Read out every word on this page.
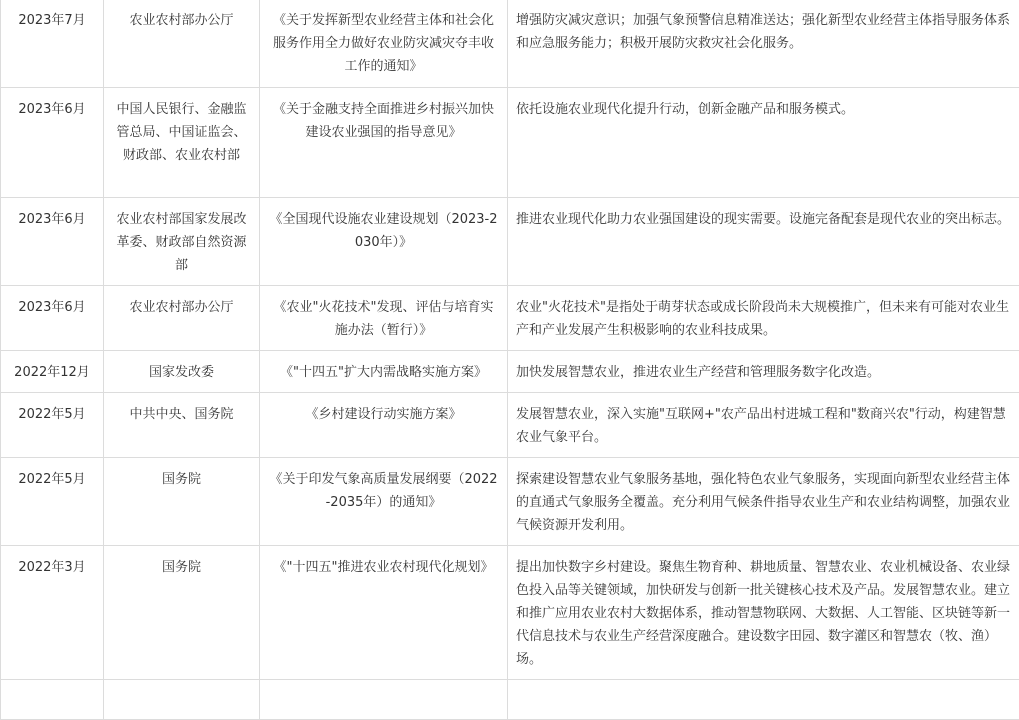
2023年7月	农业农村部办公厅	《关于发挥新型农业经营主体和社会化服务作用全力做好农业防灾减灾夺丰收工作的通知》	增强防灾减灾意识；加强气象预警信息精准送达；强化新型农业经营主体指导服务体系和应急服务能力；积极开展防灾救灾社会化服务。
2023年6月	中国人民银行、金融监管总局、中国证监会、财政部、农业农村部	《关于金融支持全面推进乡村振兴加快建设农业强国的指导意见》	依托设施农业现代化提升行动，创新金融产品和服务模式。
2023年6月	农业农村部国家发展改革委、财政部自然资源部	《全国现代设施农业建设规划（2023-2030年）》	推进农业现代化助力农业强国建设的现实需要。设施完备配套是现代农业的突出标志。
2023年6月	农业农村部办公厅	《农业"火花技术"发现、评估与培育实施办法（暂行）》	农业"火花技术"是指处于萌芽状态或成长阶段尚未大规模推广，但未来有可能对农业生产和产业发展产生积极影响的农业科技成果。
2022年12月	国家发改委	《"十四五"扩大内需战略实施方案》	加快发展智慧农业，推进农业生产经营和管理服务数字化改造。
2022年5月	中共中央、国务院	《乡村建设行动实施方案》	发展智慧农业，深入实施"互联网+"农产品出村进城工程和"数商兴农"行动，构建智慧农业气象平台。
2022年5月	国务院	《关于印发气象高质量发展纲要（2022-2035年）的通知》	探索建设智慧农业气象服务基地，强化特色农业气象服务，实现面向新型农业经营主体的直通式气象服务全覆盖。充分利用气候条件指导农业生产和农业结构调整，加强农业气候资源开发利用。
2022年3月	国务院	《"十四五"推进农业农村现代化规划》	提出加快数字乡村建设。聚焦生物育种、耕地质量、智慧农业、农业机械设备、农业绿色投入品等关键领域，加快研发与创新一批关键核心技术及产品。发展智慧农业。建立和推广应用农业农村大数据体系，推动智慧物联网、大数据、人工智能、区块链等新一代信息技术与农业生产经营深度融合。建设数字田园、数字灌区和智慧农（牧、渔）场。
